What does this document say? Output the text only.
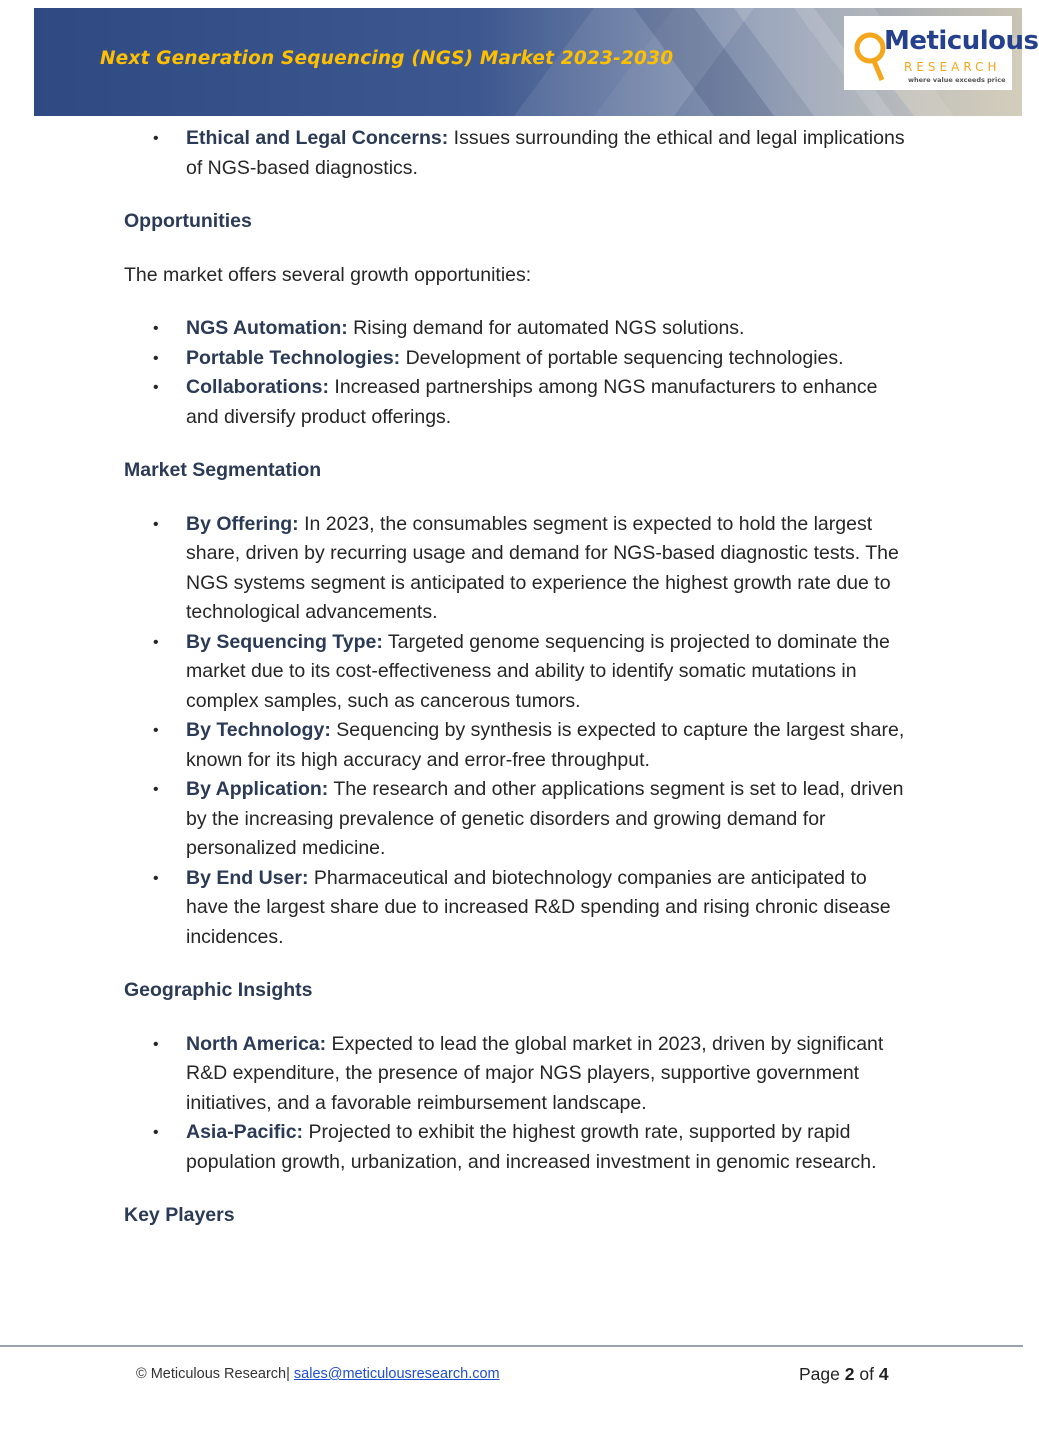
Next Generation Sequencing (NGS) Market 2023-2030
Meticulous
RESEARCH
where value exceeds price
• Ethical and Legal Concerns: Issues surrounding the ethical and legal implications of NGS-based diagnostics.

Opportunities

The market offers several growth opportunities:

• NGS Automation: Rising demand for automated NGS solutions.
• Portable Technologies: Development of portable sequencing technologies.
• Collaborations: Increased partnerships among NGS manufacturers to enhance and diversify product offerings.

Market Segmentation

• By Offering: In 2023, the consumables segment is expected to hold the largest share, driven by recurring usage and demand for NGS-based diagnostic tests. The NGS systems segment is anticipated to experience the highest growth rate due to technological advancements.
• By Sequencing Type: Targeted genome sequencing is projected to dominate the market due to its cost-effectiveness and ability to identify somatic mutations in complex samples, such as cancerous tumors.
• By Technology: Sequencing by synthesis is expected to capture the largest share, known for its high accuracy and error-free throughput.
• By Application: The research and other applications segment is set to lead, driven by the increasing prevalence of genetic disorders and growing demand for personalized medicine.
• By End User: Pharmaceutical and biotechnology companies are anticipated to have the largest share due to increased R&D spending and rising chronic disease incidences.

Geographic Insights

• North America: Expected to lead the global market in 2023, driven by significant R&D expenditure, the presence of major NGS players, supportive government initiatives, and a favorable reimbursement landscape.
• Asia-Pacific: Projected to exhibit the highest growth rate, supported by rapid population growth, urbanization, and increased investment in genomic research.

Key Players

© Meticulous Research| sales@meticulousresearch.com	Page 2 of 4
